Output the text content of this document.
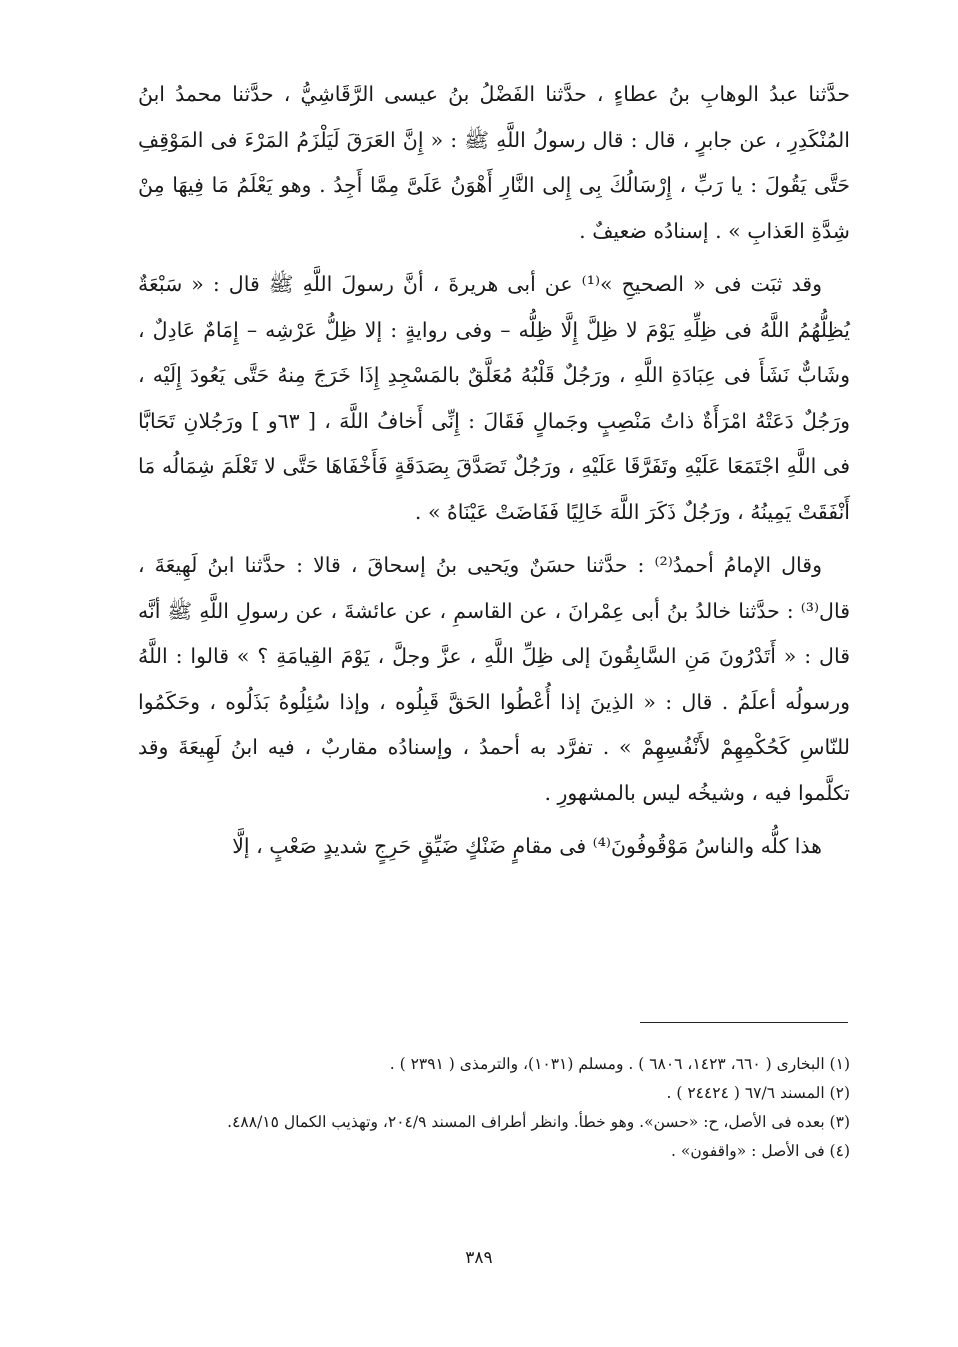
حدَّثنا عبدُ الوهابِ بنُ عطاءٍ ، حدَّثنا الفَضْلُ بنُ عيسى الرَّقَاشِيُّ ، حدَّثنا محمدُ ابنُ المُنْكَدِرِ ، عن جابرٍ ، قال : قال رسولُ اللَّهِ ﷺ : « إِنَّ العَرَقَ لَيَلْزَمُ المَرْءَ فى المَوْقِفِ حَتَّى يَقُولَ : يا رَبِّ ، إِرْسَالُكَ بِى إِلى النَّارِ أَهْوَنُ عَلَىَّ مِمَّا أَجِدُ . وهو يَعْلَمُ مَا فِيهَا مِنْ شِدَّةِ العَذابِ » . إسنادُه ضعيفٌ .

وقد ثبَت فى « الصحيحِ »⁽¹⁾ عن أبى هريرةَ ، أنَّ رسولَ اللَّهِ ﷺ قال : « سَبْعَةٌ يُظِلُّهُمُ اللَّهُ فى ظِلِّهِ يَوْمَ لا ظِلَّ إِلَّا ظِلُّه – وفى روايةٍ : إلا ظِلُّ عَرْشِه – إِمَامٌ عَادِلٌ ، وشَابٌّ نَشَأَ فى عِبَادَةِ اللَّهِ ، ورَجُلٌ قَلْبُهُ مُعَلَّقٌ بالمَسْجِدِ إِذَا خَرَجَ مِنهُ حَتَّى يَعُودَ إِلَيْه ، ورَجُلٌ دَعَتْهُ امْرَأَةٌ ذاتُ مَنْصِبٍ وجَمالٍ فَقَالَ : إِنِّى أَخافُ اللَّهَ ، [ ٦٣و ] ورَجُلانِ تَحَابَّا فى اللَّهِ اجْتَمَعَا عَلَيْهِ وتَفَرَّقَا عَلَيْهِ ، ورَجُلٌ تَصَدَّقَ بِصَدَقَةٍ فَأَخْفَاهَا حَتَّى لا تَعْلَمَ شِمَالُه مَا أَنْفَقَتْ يَمِينُهُ ، ورَجُلٌ ذَكَرَ اللَّهَ خَالِيًا فَفَاضَتْ عَيْنَاهُ » .

وقال الإمامُ أحمدُ⁽²⁾ : حدَّثنا حسَنٌ ويَحيى بنُ إسحاقَ ، قالا : حدَّثنا ابنُ لَهِيعَةَ ، قال⁽³⁾ : حدَّثنا خالدُ بنُ أبى عِمْرانَ ، عن القاسمِ ، عن عائشةَ ، عن رسولِ اللَّهِ ﷺ أنَّه قال : « أَتَدْرُونَ مَنِ السَّابِقُونَ إلى ظِلِّ اللَّهِ ، عزَّ وجلَّ ، يَوْمَ القِيامَةِ ؟ » قالوا : اللَّهُ ورسولُه أعلَمُ . قال : « الذِينَ إذا أُعْطُوا الحَقَّ قَبِلُوه ، وإذا سُئِلُوهُ بَذَلُوه ، وحَكَمُوا للنّاسِ كَحُكْمِهِمْ لأَنْفُسِهِمْ » . تفرَّد به أحمدُ ، وإسنادُه مقاربٌ ، فيه ابنُ لَهِيعَةَ وقد تكلَّموا فيه ، وشيخُه ليس بالمشهورِ .

هذا كلُّه والناسُ مَوْقُوفُونَ⁽⁴⁾ فى مقامٍ ضَنْكٍ ضَيِّقٍ حَرِجٍ شديدٍ صَعْبٍ ، إلَّا

(١) البخارى ( ٦٦٠، ١٤٢٣، ٦٨٠٦ ) . ومسلم (١٠٣١)، والترمذى ( ٢٣٩١ ) .
(٢) المسند ٦٧/٦ ( ٢٤٤٢٤ ) .
(٣) بعده فى الأصل، ح: «حسن». وهو خطأ. وانظر أطراف المسند ٢٠٤/٩، وتهذيب الكمال ٤٨٨/١٥.
(٤) فى الأصل : «واقفون» .
٣٨٩
